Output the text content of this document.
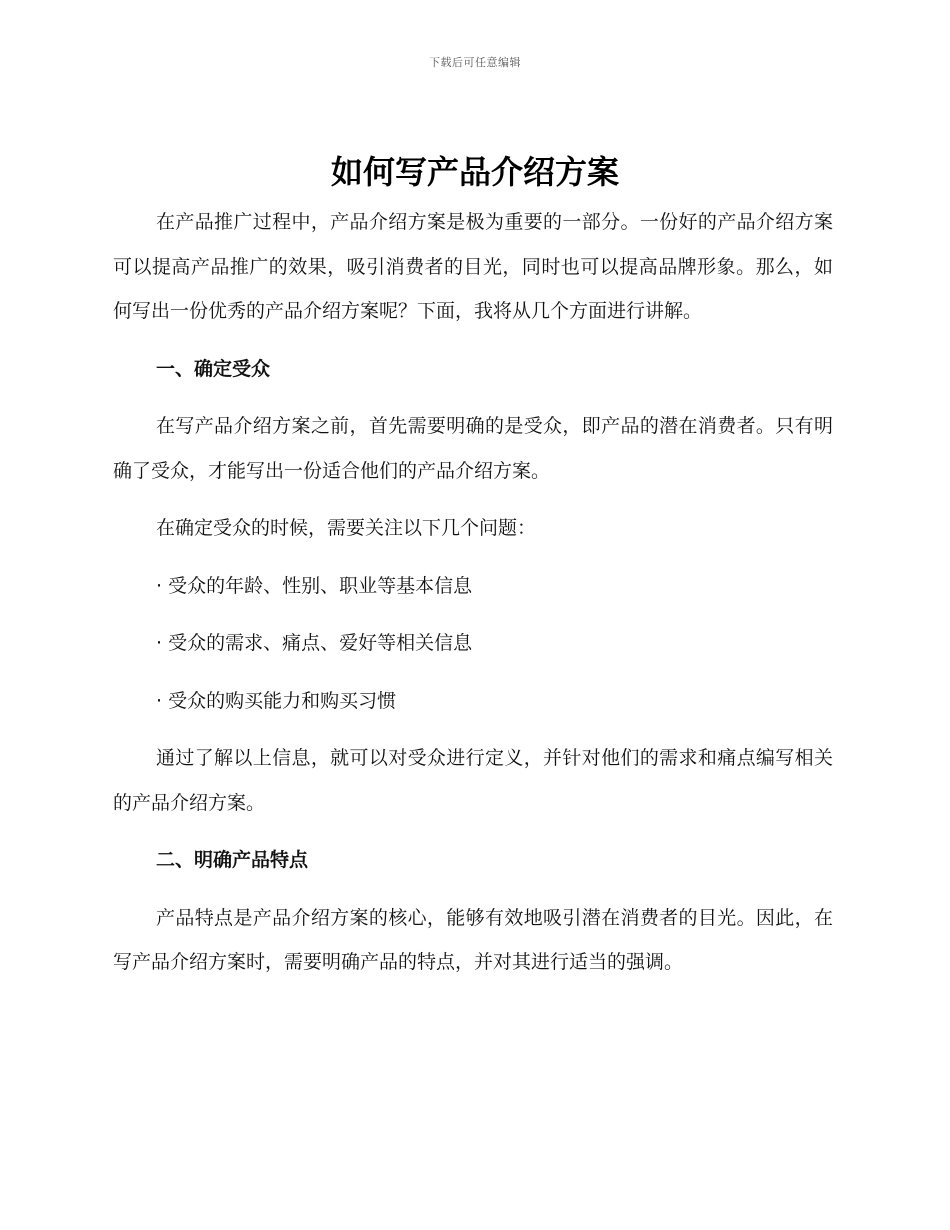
下载后可任意编辑
如何写产品介绍方案

在产品推广过程中，产品介绍方案是极为重要的一部分。一份好的产品介绍方案可以提高产品推广的效果，吸引消费者的目光，同时也可以提高品牌形象。那么，如何写出一份优秀的产品介绍方案呢？下面，我将从几个方面进行讲解。

一、确定受众

在写产品介绍方案之前，首先需要明确的是受众，即产品的潜在消费者。只有明确了受众，才能写出一份适合他们的产品介绍方案。

在确定受众的时候，需要关注以下几个问题：

· 受众的年龄、性别、职业等基本信息

· 受众的需求、痛点、爱好等相关信息

· 受众的购买能力和购买习惯

通过了解以上信息，就可以对受众进行定义，并针对他们的需求和痛点编写相关的产品介绍方案。

二、明确产品特点

产品特点是产品介绍方案的核心，能够有效地吸引潜在消费者的目光。因此，在写产品介绍方案时，需要明确产品的特点，并对其进行适当的强调。
